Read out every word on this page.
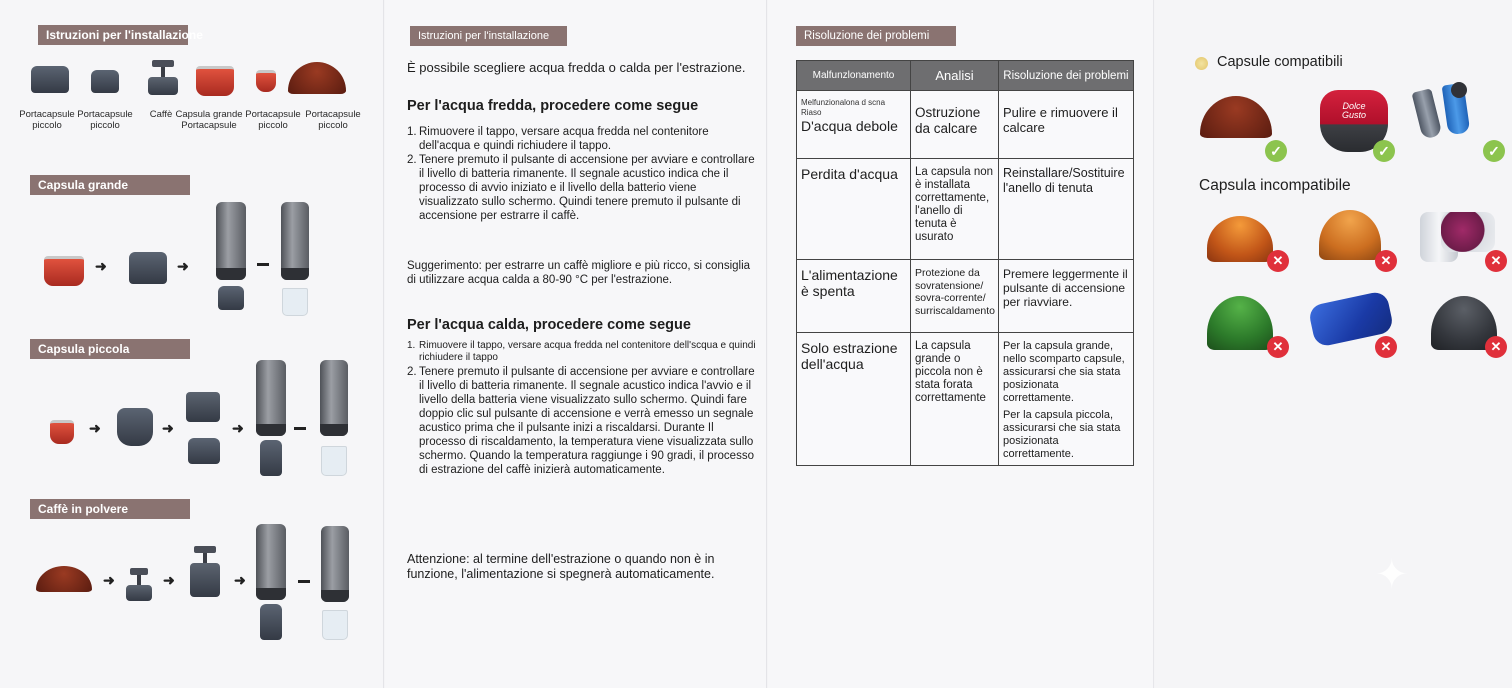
Istruzioni per l'installazione
Portacapsule piccolo
Portacapsule piccolo
Caffè Capsula grande Portacapsule
Portacapsule piccolo
Portacapsule piccolo
Capsula grande
➜	➜
Capsula piccola
➜	➜	➜
Caffè in polvere
➜	➜	➜
Istruzioni per l'installazione
È possibile scegliere acqua fredda o calda per l'estrazione.
Per l'acqua fredda, procedere come segue
1. Rimuovere il tappo, versare acqua fredda nel contenitore dell'acqua e quindi richiudere il tappo.
2. Tenere premuto il pulsante di accensione per avviare e controllare il livello di batteria rimanente. Il segnale acustico indica che il processo di avvio iniziato e il livello della batterio viene visualizzato sullo schermo. Quindi tenere premuto il pulsante di accensione per estrarre il caffè.
Suggerimento: per estrarre un caffè migliore e più ricco, si consiglia di utilizzare acqua calda a 80-90 °C per l'estrazione.
Per l'acqua calda, procedere come segue
1. Rimuovere il tappo, versare acqua fredda nel contenitore dell'scqua e quindi richiudere il tappo
2. Tenere premuto il pulsante di accensione per avviare e controllare il livello di batteria rimanente. Il segnale acustico indica l'avvio e il livello della batteria viene visualizzato sullo schermo. Quindi fare doppio clic sul pulsante di accensione e verrà emesso un segnale acustico prima che il pulsante inizi a riscaldarsi. Durante Il processo di riscaldamento, la temperatura viene visualizzata sullo schermo. Quando la temperatura raggiunge i 90 gradi, il processo di estrazione del caffè inizierà automaticamente.
Attenzione: al termine dell'estrazione o quando non è in funzione, l'alimentazione si spegnerà automaticamente.
Risoluzione dei problemi
Malfunzlonamento	Analisi	Risoluzione dei problemi

Melfunzionalona d scna Riaso
D'acqua debole	Ostruzione da calcare	Pulire e rimuovere il calcare
Perdita d'acqua	La capsula non è installata correttamente, l'anello di tenuta è usurato	Reinstallare/Sostituire l'anello di tenuta
L'alimentazione è spenta	Protezione da sovratensione/ sovra-corrente/ surriscaldamento	Premere leggermente il pulsante di accensione per riavviare.
Solo estrazione dell'acqua	La capsula grande o piccola non è stata forata correttamente	Per la capsula grande, nello scomparto capsule, assicurarsi che sia stata posizionata correttamente.
Per la capsula piccola, assicurarsi che sia stata posizionata correttamente.
Capsule compatibili
✓
Dolce Gusto
✓	✓
Capsula incompatibile
✕	✕	✕
✕	✕	✕
✦
